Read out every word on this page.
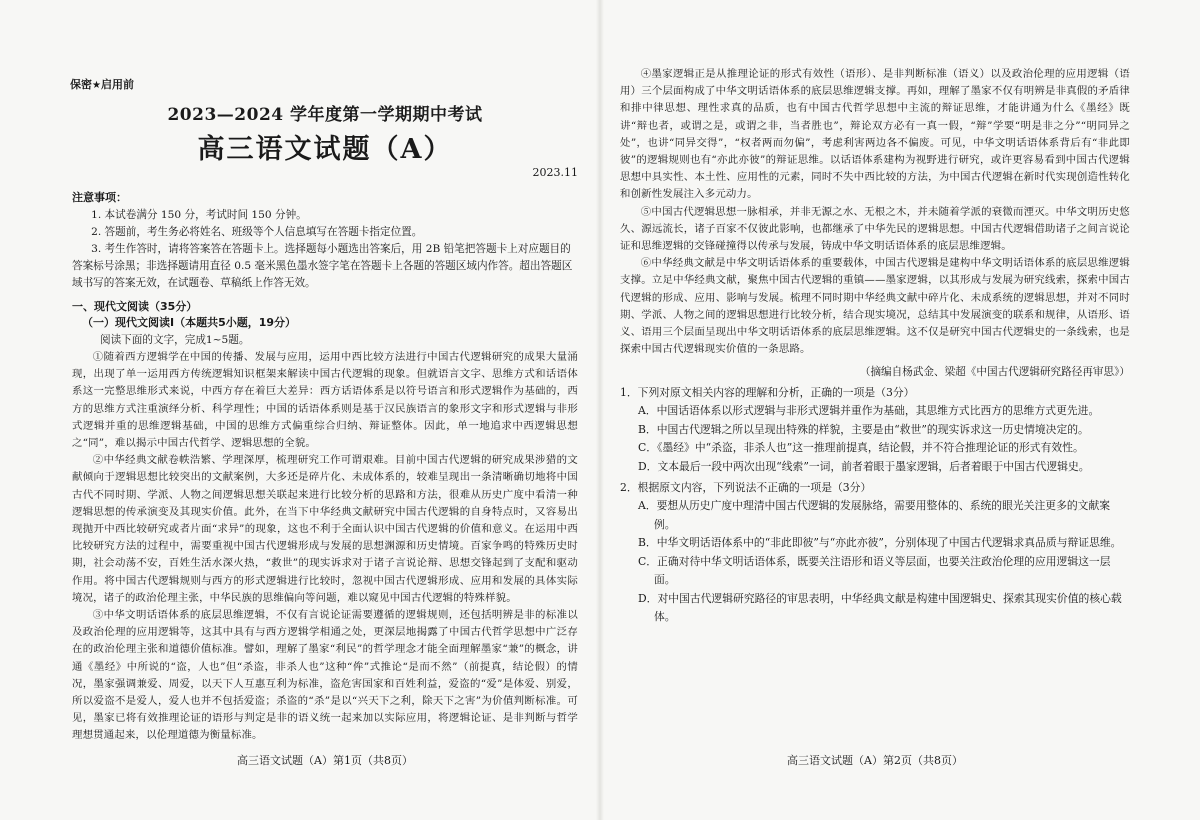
保密★启用前
2023—2024 学年度第一学期期中考试
高三语文试题（A）
2023.11
注意事项：

1. 本试卷满分 150 分，考试时间 150 分钟。

2. 答题前，考生务必将姓名、班级等个人信息填写在答题卡指定位置。

3. 考生作答时，请将答案答在答题卡上。选择题每小题选出答案后，用 2B 铅笔把答题卡上对应题目的答案标号涂黑；非选择题请用直径 0.5 毫米黑色墨水签字笔在答题卡上各题的答题区域内作答。超出答题区域书写的答案无效，在试题卷、草稿纸上作答无效。

一、现代文阅读（35分）
（一）现代文阅读Ⅰ（本题共5小题，19分）
阅读下面的文字，完成1~5题。

①随着西方逻辑学在中国的传播、发展与应用，运用中西比较方法进行中国古代逻辑研究的成果大量涌现，出现了单一运用西方传统逻辑知识框架来解读中国古代逻辑的现象。但就语言文字、思维方式和话语体系这一完整思维形式来说，中西方存在着巨大差异：西方话语体系是以符号语言和形式逻辑作为基础的，西方的思维方式注重演绎分析、科学理性；中国的话语体系则是基于汉民族语言的象形文字和形式逻辑与非形式逻辑并重的思维逻辑基础，中国的思维方式偏重综合归纳、辩证整体。因此，单一地追求中西逻辑思想之“同”，难以揭示中国古代哲学、逻辑思想的全貌。

②中华经典文献卷帙浩繁、学理深厚，梳理研究工作可谓艰难。目前中国古代逻辑的研究成果涉猎的文献倾向于逻辑思想比较突出的文献案例，大多还是碎片化、未成体系的，较难呈现出一条清晰确切地将中国古代不同时期、学派、人物之间逻辑思想关联起来进行比较分析的思路和方法，很难从历史广度中看清一种逻辑思想的传承演变及其现实价值。此外，在当下中华经典文献研究中国古代逻辑的自身特点时，又容易出现抛开中西比较研究或者片面“求异”的现象，这也不利于全面认识中国古代逻辑的价值和意义。在运用中西比较研究方法的过程中，需要重视中国古代逻辑形成与发展的思想渊源和历史情境。百家争鸣的特殊历史时期，社会动荡不安，百姓生活水深火热，“救世”的现实诉求对于诸子言说论辩、思想交锋起到了支配和驱动作用。将中国古代逻辑规则与西方的形式逻辑进行比较时，忽视中国古代逻辑形成、应用和发展的具体实际境况，诸子的政治伦理主张，中华民族的思维偏向等问题，难以窥见中国古代逻辑的特殊样貌。

③中华文明话语体系的底层思维逻辑，不仅有言说论证需要遵循的逻辑规则，还包括明辨是非的标准以及政治伦理的应用逻辑等，这其中具有与西方逻辑学相通之处，更深层地揭露了中国古代哲学思想中广泛存在的政治伦理主张和道德价值标准。譬如，理解了墨家“利民”的哲学理念才能全面理解墨家“兼”的概念，讲通《墨经》中所说的“盗，人也”但“杀盗，非杀人也”这种“侔”式推论“是而不然”（前提真，结论假）的情况，墨家强调兼爱、周爱，以天下人互惠互利为标准，盗危害国家和百姓利益，爱盗的“爱”是体爱、别爱，所以爱盗不是爱人，爱人也并不包括爱盗；杀盗的“杀”是以“兴天下之利，除天下之害”为价值判断标准。可见，墨家已将有效推理论证的语形与判定是非的语义统一起来加以实际应用，将逻辑论证、是非判断与哲学理想贯通起来，以伦理道德为衡量标准。

高三语文试题（A）第1页（共8页）

④墨家逻辑正是从推理论证的形式有效性（语形）、是非判断标准（语义）以及政治伦理的应用逻辑（语用）三个层面构成了中华文明话语体系的底层思维逻辑支撑。再如，理解了墨家不仅有明辨是非真假的矛盾律和排中律思想、理性求真的品质，也有中国古代哲学思想中主流的辩证思维，才能讲通为什么《墨经》既讲“辩也者，或谓之是，或谓之非，当者胜也”，辩论双方必有一真一假，“辩”学要“明是非之分”“明同异之处”，也讲“同异交得”，“权者两而勿偏”，考虑利害两边各不偏废。可见，中华文明话语体系背后有“非此即彼”的逻辑规则也有“亦此亦彼”的辩证思维。以话语体系建构为视野进行研究，或许更容易看到中国古代逻辑思想中具实性、本土性、应用性的元素，同时不失中西比较的方法，为中国古代逻辑在新时代实现创造性转化和创新性发展注入多元动力。

⑤中国古代逻辑思想一脉相承，并非无源之水、无根之木，并未随着学派的衰微而湮灭。中华文明历史悠久、源远流长，诸子百家不仅彼此影响，也都继承了中华先民的逻辑思想。中国古代逻辑借助诸子之间言说论证和思维逻辑的交锋碰撞得以传承与发展，铸成中华文明话语体系的底层思维逻辑。

⑥中华经典文献是中华文明话语体系的重要载体，中国古代逻辑是建构中华文明话语体系的底层思维逻辑支撑。立足中华经典文献，聚焦中国古代逻辑的重镇——墨家逻辑，以其形成与发展为研究线索，探索中国古代逻辑的形成、应用、影响与发展。梳理不同时期中华经典文献中碎片化、未成系统的逻辑思想，并对不同时期、学派、人物之间的逻辑思想进行比较分析，结合现实境况，总结其中发展演变的联系和规律，从语形、语义、语用三个层面呈现出中华文明话语体系的底层思维逻辑。这不仅是研究中国古代逻辑史的一条线索，也是探索中国古代逻辑现实价值的一条思路。

（摘编自杨武金、梁超《中国古代逻辑研究路径再审思》）

1．下列对原文相关内容的理解和分析，正确的一项是（3分）

A．中国话语体系以形式逻辑与非形式逻辑并重作为基础，其思维方式比西方的思维方式更先进。

B．中国古代逻辑之所以呈现出特殊的样貌，主要是由“救世”的现实诉求这一历史情境决定的。

C．《墨经》中“杀盗，非杀人也”这一推理前提真，结论假，并不符合推理论证的形式有效性。

D．文本最后一段中两次出现“线索”一词，前者着眼于墨家逻辑，后者着眼于中国古代逻辑史。

2．根据原文内容，下列说法不正确的一项是（3分）

A．要想从历史广度中理清中国古代逻辑的发展脉络，需要用整体的、系统的眼光关注更多的文献案例。

B．中华文明话语体系中的“非此即彼”与“亦此亦彼”，分别体现了中国古代逻辑求真品质与辩证思维。

C．正确对待中华文明话语体系，既要关注语形和语义等层面，也要关注政治伦理的应用逻辑这一层面。

D．对中国古代逻辑研究路径的审思表明，中华经典文献是构建中国逻辑史、探索其现实价值的核心载体。

高三语文试题（A）第2页（共8页）
